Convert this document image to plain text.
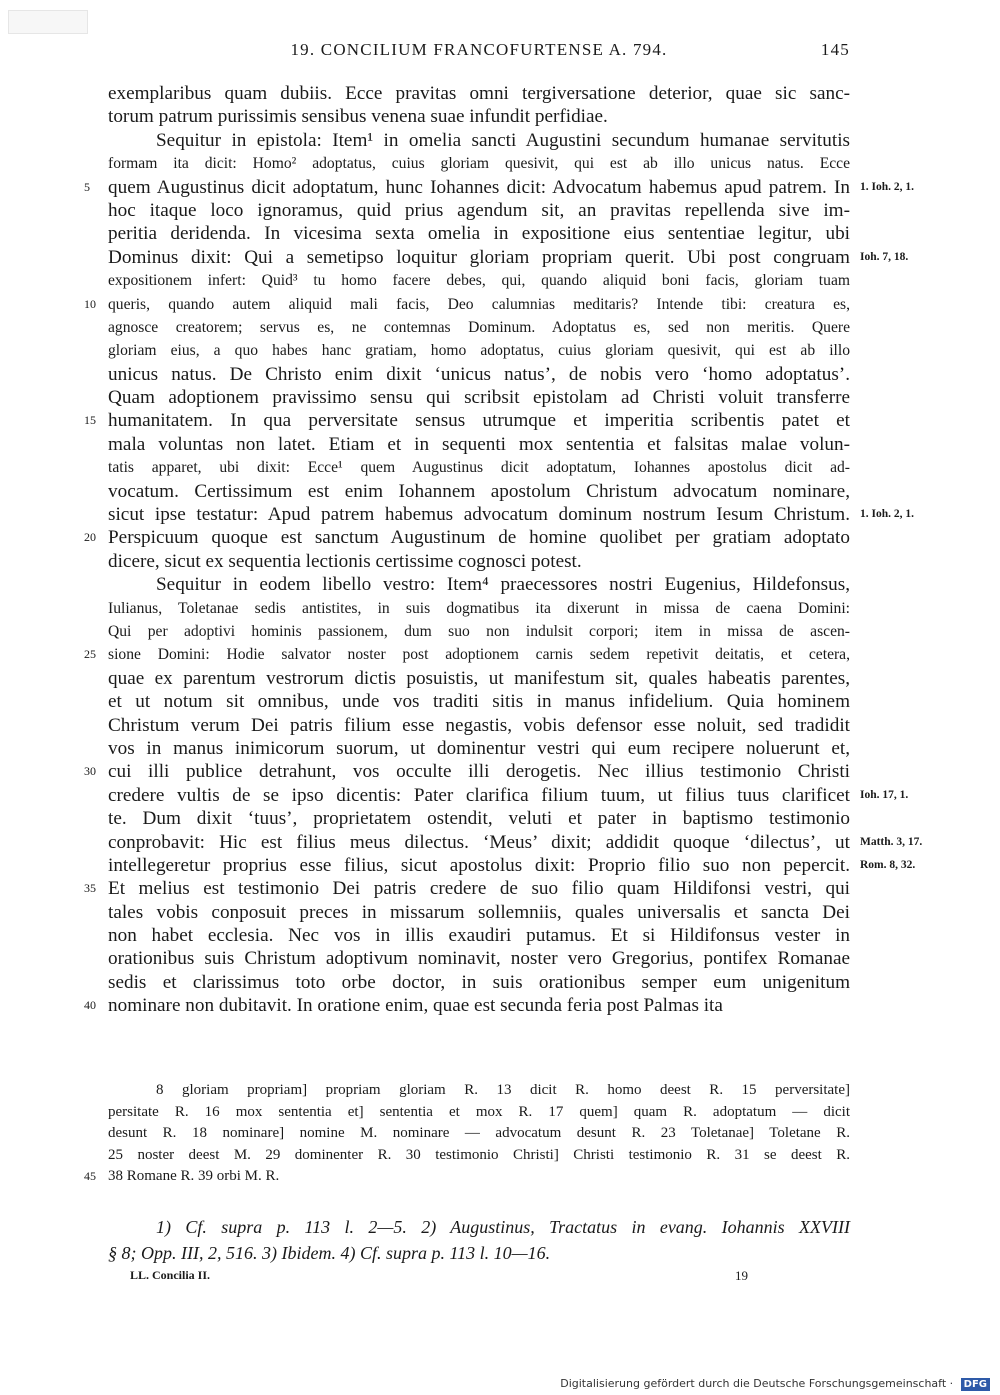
19. CONCILIUM FRANCOFURTENSE A. 794.	145
exemplaribus quam dubiis. Ecce pravitas omni tergiversatione deterior, quae sic sanc-
torum patrum purissimis sensibus venena suae infundit perfidiae.
Sequitur in epistola: Item¹ in omelia sancti Augustini secundum humanae servitutis
formam ita dicit: Homo² adoptatus, cuius gloriam quesivit, qui est ab illo unicus natus. Ecce
quem Augustinus dicit adoptatum, hunc Iohannes dicit: Advocatum habemus apud patrem. In
5	1. Ioh. 2, 1.
hoc itaque loco ignoramus, quid prius agendum sit, an pravitas repellenda sive im-
peritia deridenda. In vicesima sexta omelia in expositione eius sententiae legitur, ubi
Dominus dixit: Qui a semetipso loquitur gloriam propriam querit. Ubi post congruam Ioh. 7, 18.
expositionem infert: Quid³ tu homo facere debes, qui, quando aliquid boni facis, gloriam tuam
queris, quando autem aliquid mali facis, Deo calumnias meditaris? Intende tibi: creatura es,
10
agnosce creatorem; servus es, ne contemnas Dominum. Adoptatus es, sed non meritis. Quere
gloriam eius, a quo habes hanc gratiam, homo adoptatus, cuius gloriam quesivit, qui est ab illo
unicus natus. De Christo enim dixit ‘unicus natus’, de nobis vero ‘homo adoptatus’.
Quam adoptionem pravissimo sensu qui scribsit epistolam ad Christi voluit transferre
humanitatem. In qua perversitate sensus utrumque et imperitia scribentis patet et
15
mala voluntas non latet. Etiam et in sequenti mox sententia et falsitas malae volun-
tatis apparet, ubi dixit: Ecce¹ quem Augustinus dicit adoptatum, Iohannes apostolus dicit ad-
vocatum. Certissimum est enim Iohannem apostolum Christum advocatum nominare,
sicut ipse testatur: Apud patrem habemus advocatum dominum nostrum Iesum Christum. 1. Ioh. 2, 1.
Perspicuum quoque est sanctum Augustinum de homine quolibet per gratiam adoptato
20
dicere, sicut ex sequentia lectionis certissime cognosci potest.
Sequitur in eodem libello vestro: Item⁴ praecessores nostri Eugenius, Hildefonsus,
Iulianus, Toletanae sedis antistites, in suis dogmatibus ita dixerunt in missa de caena Domini:
Qui per adoptivi hominis passionem, dum suo non indulsit corpori; item in missa de ascen-
sione Domini: Hodie salvator noster post adoptionem carnis sedem repetivit deitatis, et cetera,
25
quae ex parentum vestrorum dictis posuistis, ut manifestum sit, quales habeatis parentes,
et ut notum sit omnibus, unde vos traditi sitis in manus infidelium. Quia hominem
Christum verum Dei patris filium esse negastis, vobis defensor esse noluit, sed tradidit
vos in manus inimicorum suorum, ut dominentur vestri qui eum recipere noluerunt et,
cui illi publice detrahunt, vos occulte illi derogetis. Nec illius testimonio Christi
30
credere vultis de se ipso dicentis: Pater clarifica filium tuum, ut filius tuus clarificet Ioh. 17, 1.
te. Dum dixit ‘tuus’, proprietatem ostendit, veluti et pater in baptismo testimonio
conprobavit: Hic est filius meus dilectus. ‘Meus’ dixit; addidit quoque ‘dilectus’, ut Matth. 3, 17.
intellegeretur proprius esse filius, sicut apostolus dixit: Proprio filio suo non pepercit. Rom. 8, 32.
Et melius est testimonio Dei patris credere de suo filio quam Hildifonsi vestri, qui
35
tales vobis conposuit preces in missarum sollemniis, quales universalis et sancta Dei
non habet ecclesia. Nec vos in illis exaudiri putamus. Et si Hildifonsus vester in
orationibus suis Christum adoptivum nominavit, noster vero Gregorius, pontifex Romanae
sedis et clarissimus toto orbe doctor, in suis orationibus semper eum unigenitum
nominare non dubitavit. In oratione enim, quae est secunda feria post Palmas ita
40
8 gloriam propriam] propriam gloriam R. 13 dicit R. homo deest R. 15 perversitate]
persitate R. 16 mox sententia et] sententia et mox R. 17 quem] quam R. adoptatum — dicit
desunt R. 18 nominare] nomine M. nominare — advocatum desunt R. 23 Toletanae] Toletane R.
25 noster deest M. 29 dominenter R. 30 testimonio Christi] Christi testimonio R. 31 se deest R.
38 Romane R. 39 orbi M. R.
45
1) Cf. supra p. 113 l. 2—5. 2) Augustinus, Tractatus in evang. Iohannis XXVIII
§ 8; Opp. III, 2, 516. 3) Ibidem. 4) Cf. supra p. 113 l. 10—16.
LL. Concilia II.	19
Digitalisierung gefördert durch die Deutsche Forschungsgemeinschaft · DFG
